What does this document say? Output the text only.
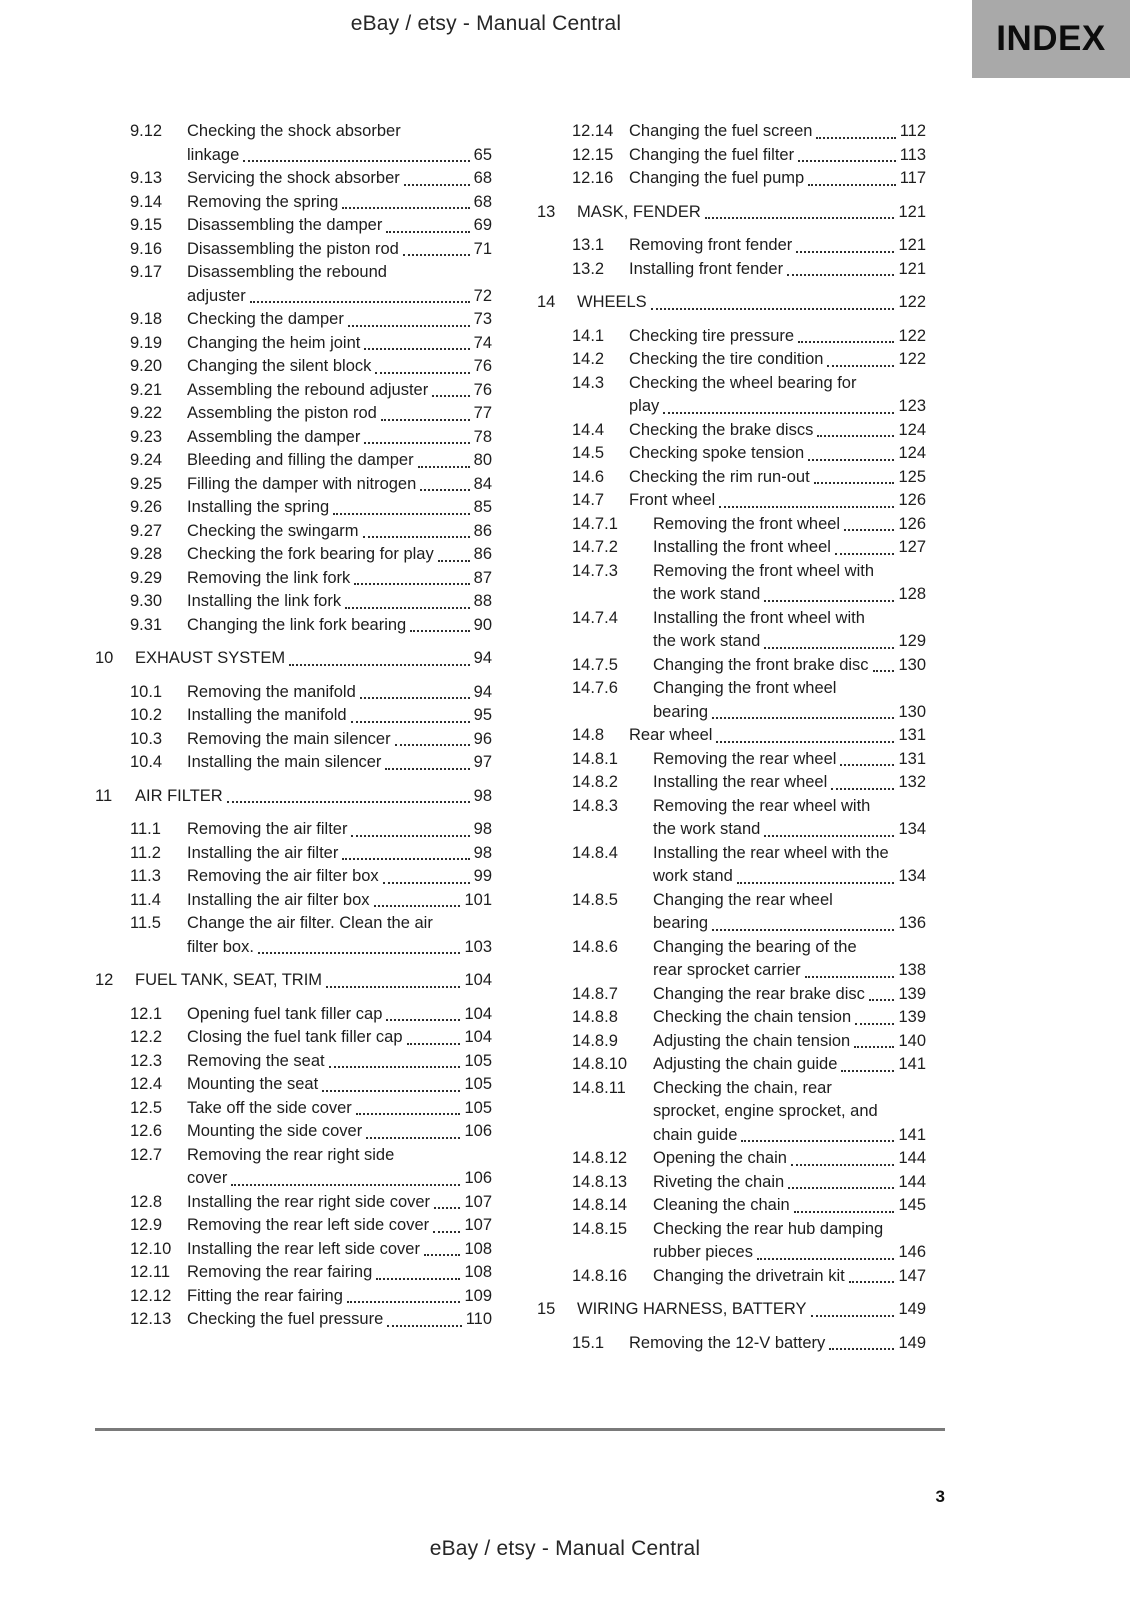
eBay / etsy - Manual Central	INDEX
9.12	Checking the shock absorber
linkage	65
9.13	Servicing the shock absorber	68
9.14	Removing the spring	68
9.15	Disassembling the damper	69
9.16	Disassembling the piston rod	71
9.17	Disassembling the rebound
adjuster	72
9.18	Checking the damper	73
9.19	Changing the heim joint	74
9.20	Changing the silent block	76
9.21	Assembling the rebound adjuster	76
9.22	Assembling the piston rod	77
9.23	Assembling the damper	78
9.24	Bleeding and filling the damper	80
9.25	Filling the damper with nitrogen	84
9.26	Installing the spring	85
9.27	Checking the swingarm	86
9.28	Checking the fork bearing for play 86
9.29	Removing the link fork	87
9.30	Installing the link fork	88
9.31	Changing the link fork bearing	90
10	EXHAUST SYSTEM	94
10.1	Removing the manifold	94
10.2	Installing the manifold	95
10.3	Removing the main silencer	96
10.4	Installing the main silencer	97
11	AIR FILTER	98
11.1	Removing the air filter	98
11.2	Installing the air filter	98
11.3	Removing the air filter box	99
11.4	Installing the air filter box	101
11.5	Change the air filter. Clean the air
filter box.	103
12	FUEL TANK, SEAT, TRIM	104
12.1	Opening fuel tank filler cap	104
12.2	Closing the fuel tank filler cap	104
12.3	Removing the seat	105
12.4	Mounting the seat	105
12.5	Take off the side cover	105
12.6	Mounting the side cover	106
12.7	Removing the rear right side
cover	106
12.8	Installing the rear right side cover 107
12.9	Removing the rear left side cover 107
12.10 Installing the rear left side cover	108
12.11	Removing the rear fairing	108
12.12 Fitting the rear fairing	109
12.13 Checking the fuel pressure	110
12.14 Changing the fuel screen	112
12.15 Changing the fuel filter	113
12.16 Changing the fuel pump	117
13	MASK, FENDER	121
13.1	Removing front fender	121
13.2	Installing front fender	121
14	WHEELS	122
14.1	Checking tire pressure	122
14.2	Checking the tire condition	122
14.3	Checking the wheel bearing for
play	123
14.4	Checking the brake discs	124
14.5	Checking spoke tension	124
14.6	Checking the rim run-out	125
14.7	Front wheel	126
14.7.1	Removing the front wheel	126
14.7.2	Installing the front wheel	127
14.7.3	Removing the front wheel with
the work stand	128
14.7.4	Installing the front wheel with
the work stand	129
14.7.5	Changing the front brake disc 130
14.7.6	Changing the front wheel
bearing	130
14.8	Rear wheel	131
14.8.1	Removing the rear wheel	131
14.8.2	Installing the rear wheel	132
14.8.3	Removing the rear wheel with
the work stand	134
14.8.4	Installing the rear wheel with the
work stand	134
14.8.5	Changing the rear wheel
bearing	136
14.8.6	Changing the bearing of the
rear sprocket carrier	138
14.8.7	Changing the rear brake disc 139
14.8.8	Checking the chain tension	139
14.8.9	Adjusting the chain tension	140
14.8.10	Adjusting the chain guide	141
14.8.11	Checking the chain, rear
sprocket, engine sprocket, and
chain guide	141
14.8.12	Opening the chain	144
14.8.13	Riveting the chain	144
14.8.14	Cleaning the chain	145
14.8.15	Checking the rear hub damping
rubber pieces	146
14.8.16	Changing the drivetrain kit	147
15	WIRING HARNESS, BATTERY	149
15.1	Removing the 12-V battery	149
3
eBay / etsy - Manual Central
